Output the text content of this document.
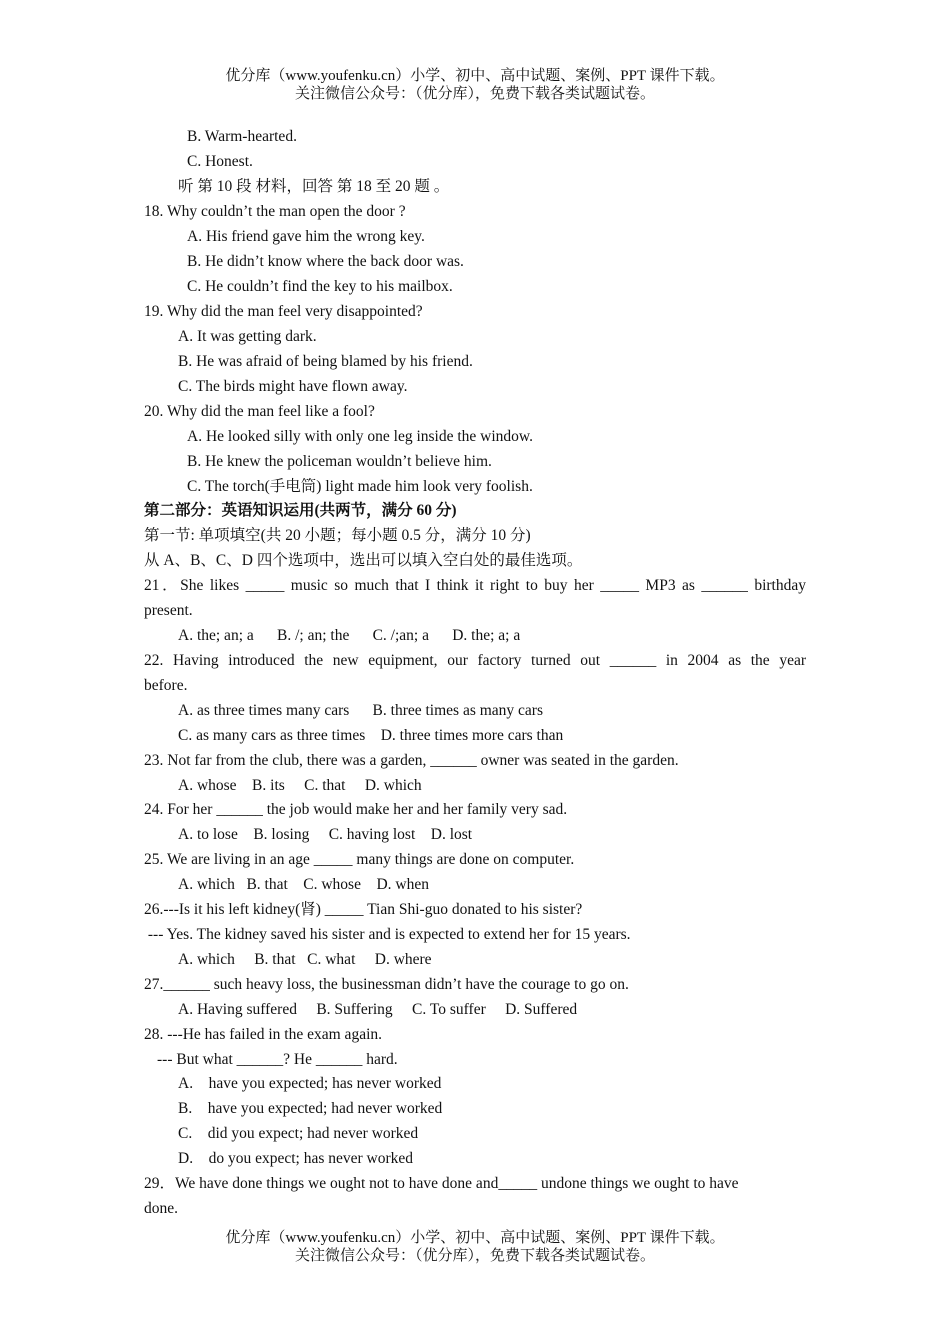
优分库（www.youfenku.cn）小学、初中、高中试题、案例、PPT 课件下载。
关注微信公众号：（优分库），免费下载各类试题试卷。
B. Warm-hearted.
C. Honest.
听 第 10 段 材料，回答 第 18 至 20 题 。
18. Why couldn’t the man open the door ?
A. His friend gave him the wrong key.
B. He didn’t know where the back door was.
C. He couldn’t find the key to his mailbox.
19. Why did the man feel very disappointed?
A. It was getting dark.
B. He was afraid of being blamed by his friend.
C. The birds might have flown away.
20. Why did the man feel like a fool?
A. He looked silly with only one leg inside the window.
B. He knew the policeman wouldn’t believe him.
C. The torch(手电筒) light made him look very foolish.
第二部分：英语知识运用(共两节，满分 60 分)
第一节: 单项填空(共 20 小题；每小题 0.5 分，满分 10 分)
从 A、B、C、D 四个选项中，选出可以填入空白处的最佳选项。
21．She likes _____ music so much that I think it right to buy her _____ MP3 as ______ birthday
present.
A. the; an; a      B. /; an; the      C. /;an; a      D. the; a; a
22. Having introduced the new equipment, our factory turned out ______ in 2004 as the year
before.
A. as three times many cars      B. three times as many cars
C. as many cars as three times    D. three times more cars than
23. Not far from the club, there was a garden, ______ owner was seated in the garden.
A. whose    B. its     C. that     D. which
24. For her ______ the job would make her and her family very sad.
A. to lose    B. losing     C. having lost    D. lost
25. We are living in an age _____ many things are done on computer.
A. which   B. that    C. whose    D. when
26.---Is it his left kidney(肾) _____ Tian Shi-guo donated to his sister?
--- Yes. The kidney saved his sister and is expected to extend her for 15 years.
A. which     B. that   C. what     D. where
27.______ such heavy loss, the businessman didn’t have the courage to go on.
A. Having suffered     B. Suffering     C. To suffer     D. Suffered
28. ---He has failed in the exam again.
--- But what ______? He ______ hard.
A.    have you expected; has never worked
B.    have you expected; had never worked
C.    did you expect; had never worked
D.    do you expect; has never worked
29．We have done things we ought not to have done and_____ undone things we ought to have
done.
优分库（www.youfenku.cn）小学、初中、高中试题、案例、PPT 课件下载。
关注微信公众号：（优分库），免费下载各类试题试卷。
